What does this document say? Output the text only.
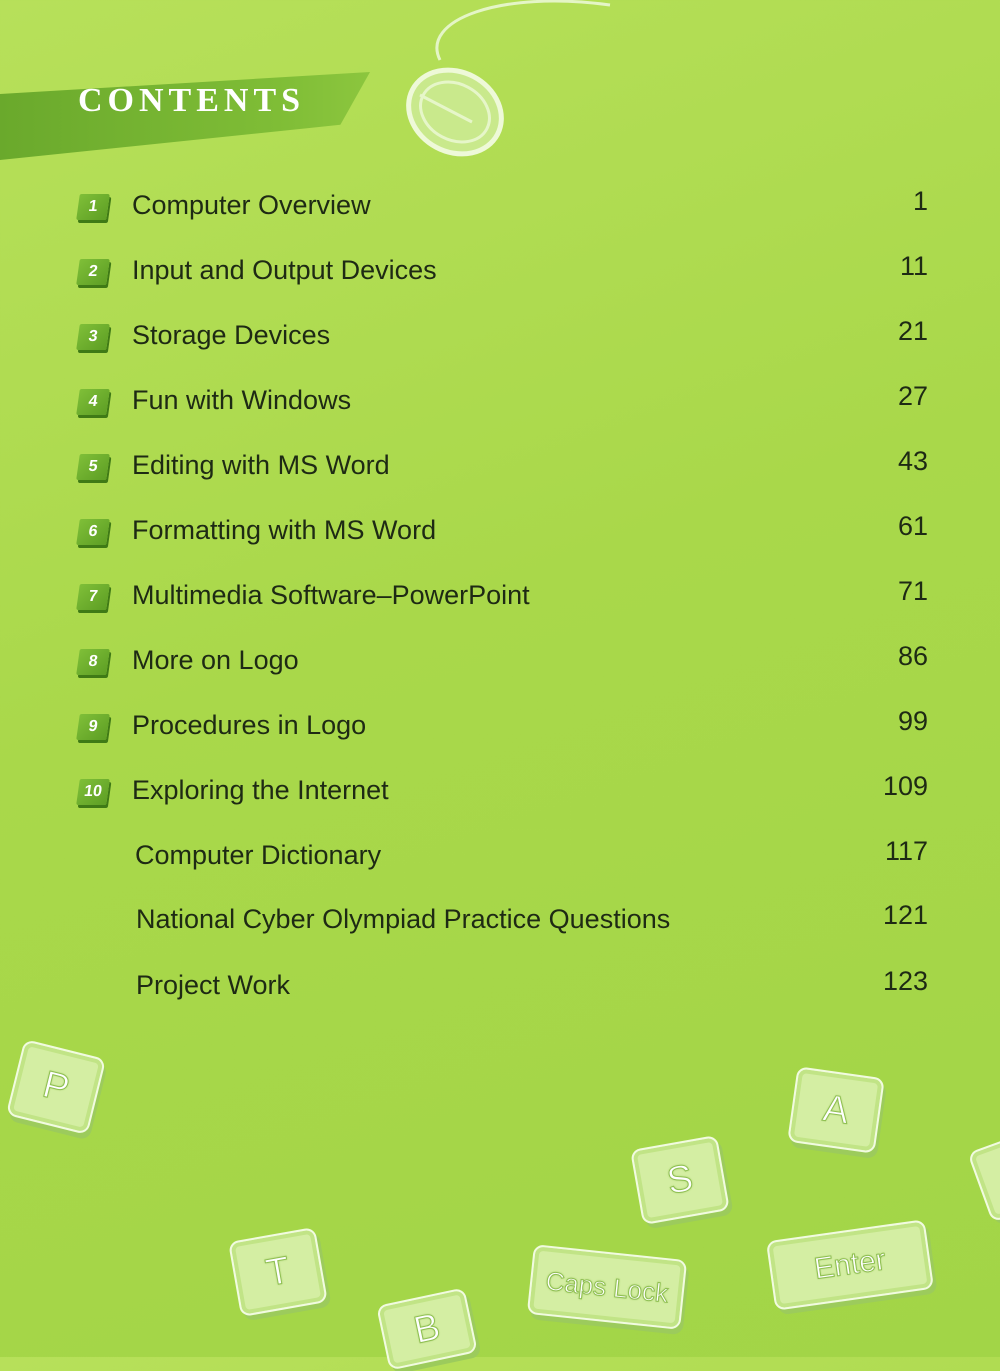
CONTENTS
1	Computer Overview	1
2	Input and Output Devices	11
3	Storage Devices	21
4	Fun with Windows	27
5	Editing with MS Word	43
6	Formatting with MS Word	61
7	Multimedia Software–PowerPoint	71
8	More on Logo	86
9	Procedures in Logo	99
10 Exploring the Internet	109
Computer Dictionary	117
National Cyber Olympiad Practice Questions	121
Project Work	123
P	A
S
T	Caps Lock
Enter
B
